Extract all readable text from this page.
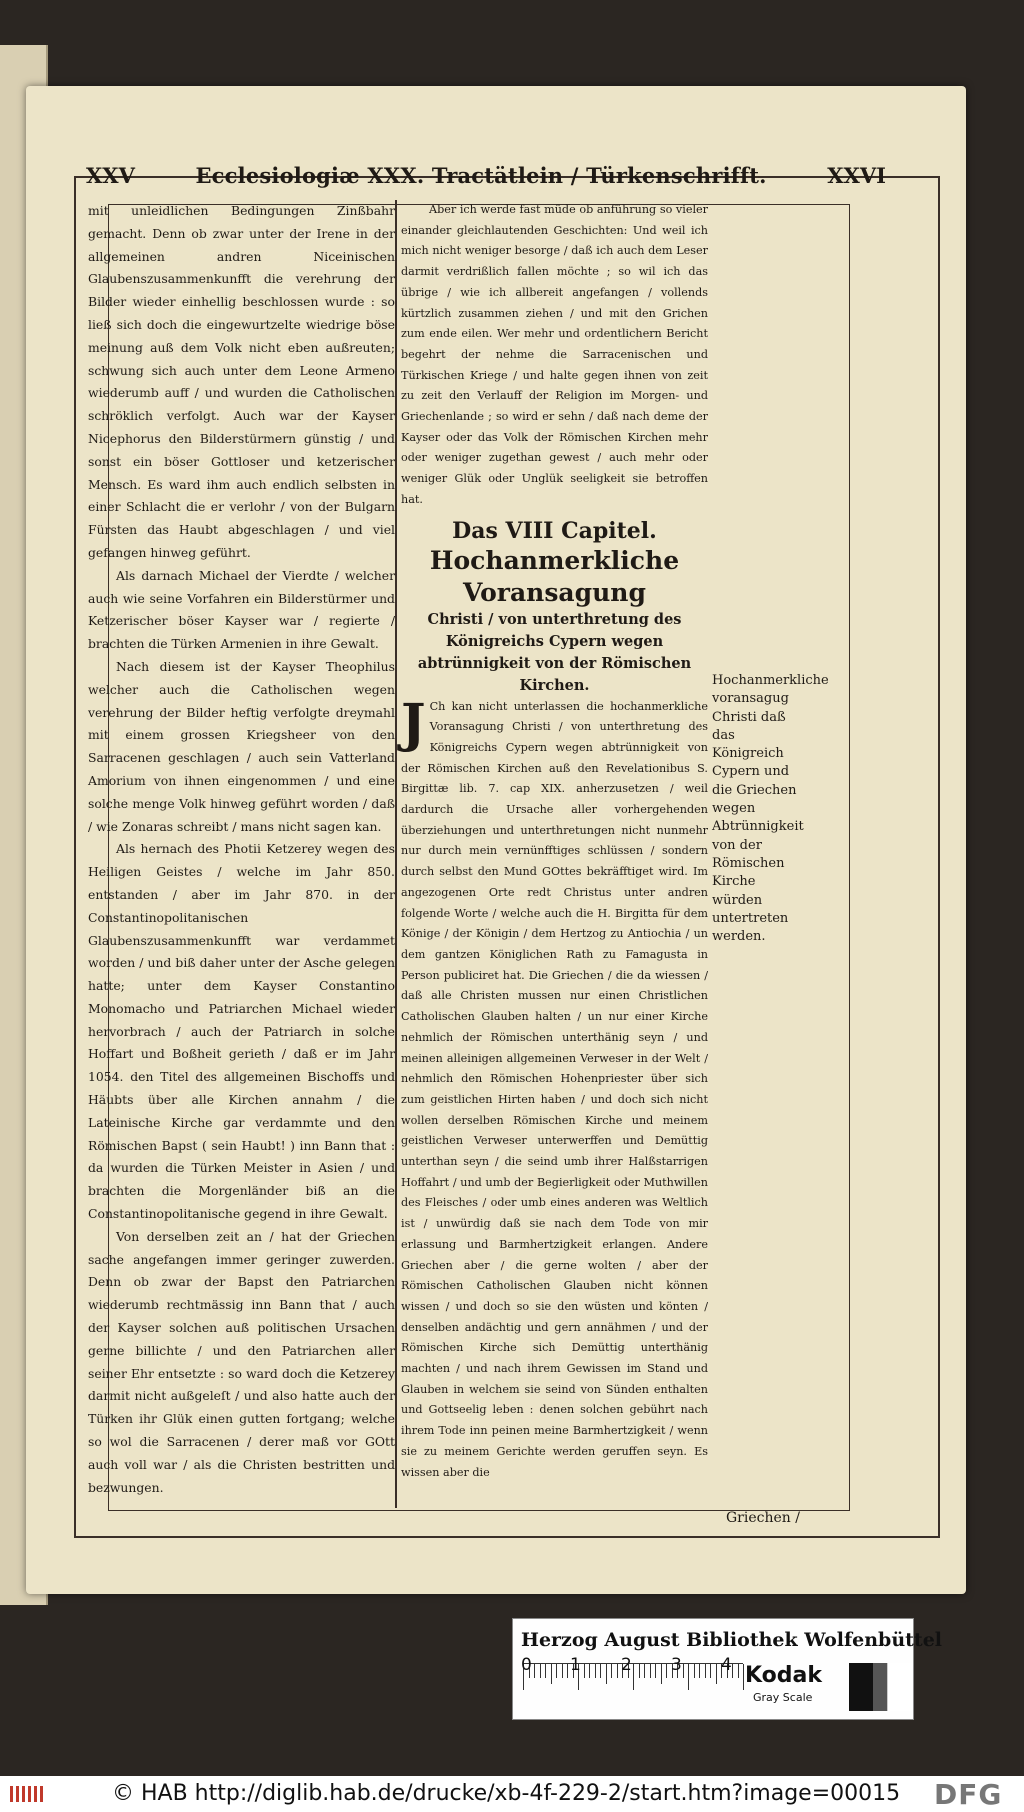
XXV	Ecclesiologiæ XXX. Tractätlein / Türkenschrifft.	XXVI

mit unleidlichen Bedingungen Zinßbahr gemacht. Denn ob zwar unter der Irene in der allgemeinen andren Niceinischen Glaubenszusammenkunfft die verehrung der Bilder wieder einhellig beschlossen wurde : so ließ sich doch die eingewurtzelte wiedrige böse meinung auß dem Volk nicht eben außreuten; schwung sich auch unter dem Leone Armeno wiederumb auff / und wurden die Catholischen schröklich verfolgt. Auch war der Kayser Nicephorus den Bilderstürmern günstig / und sonst ein böser Gottloser und ketzerischer Mensch. Es ward ihm auch endlich selbsten in einer Schlacht die er verlohr / von der Bulgarn Fürsten das Haubt abgeschlagen / und viel gefangen hinweg geführt.

Als darnach Michael der Vierdte / welcher auch wie seine Vorfahren ein Bilderstürmer und Ketzerischer böser Kayser war / regierte / brachten die Türken Armenien in ihre Gewalt.

Nach diesem ist der Kayser Theophilus welcher auch die Catholischen wegen verehrung der Bilder heftig verfolgte dreymahl mit einem grossen Kriegsheer von den Sarracenen geschlagen / auch sein Vatterland Amorium von ihnen eingenommen / und eine solche menge Volk hinweg geführt worden / daß / wie Zonaras schreibt / mans nicht sagen kan.

Als hernach des Photii Ketzerey wegen des Heiligen Geistes / welche im Jahr 850. entstanden / aber im Jahr 870. in der Constantinopolitanischen Glaubenszusammenkunfft war verdammet worden / und biß daher unter der Asche gelegen hatte; unter dem Kayser Constantino Monomacho und Patriarchen Michael wieder hervorbrach / auch der Patriarch in solche Hoffart und Boßheit gerieth / daß er im Jahr 1054. den Titel des allgemeinen Bischoffs und Häubts über alle Kirchen annahm / die Lateinische Kirche gar verdammte und den Römischen Bapst ( sein Haubt! ) inn Bann that : da wurden die Türken Meister in Asien / und brachten die Morgenländer biß an die Constantinopolitanische gegend in ihre Gewalt.

Von derselben zeit an / hat der Griechen sache angefangen immer geringer zuwerden. Denn ob zwar der Bapst den Patriarchen wiederumb rechtmässig inn Bann that / auch der Kayser solchen auß politischen Ursachen gerne billichte / und den Patriarchen aller seiner Ehr entsetzte : so ward doch die Ketzerey darmit nicht außgeleſt / und also hatte auch der Türken ihr Glük einen gutten fortgang; welche so wol die Sarracenen / derer maß vor GOtt auch voll war / als die Christen bestritten und bezwungen.

Aber ich werde fast müde ob anführung so vieler einander gleichlautenden Geschichten: Und weil ich mich nicht weniger besorge / daß ich auch dem Leser darmit verdrißlich fallen möchte ; so wil ich das übrige / wie ich allbereit angefangen / vollends kürtzlich zusammen ziehen / und mit den Grichen zum ende eilen. Wer mehr und ordentlichern Bericht begehrt der nehme die Sarracenischen und Türkischen Kriege / und halte gegen ihnen von zeit zu zeit den Verlauff der Religion im Morgen- und Griechenlande ; so wird er sehn / daß nach deme der Kayser oder das Volk der Römischen Kirchen mehr oder weniger zugethan gewest / auch mehr oder weniger Glük oder Unglük seeligkeit sie betroffen hat.

Das VIII Capitel.
Hochanmerkliche Voransagung
Christi / von unterthretung des Königreichs Cypern wegen abtrünnigkeit von der Römischen Kirchen.

J Ch kan nicht unterlassen die hochanmerkliche Voransagung Christi / von unterthretung des Königreichs Cypern wegen abtrünnigkeit von der Römischen Kirchen auß den Revelationibus S. Birgittæ lib. 7. cap XIX. anherzusetzen / weil dardurch die Ursache aller vorhergehenden überziehungen und unterthretungen nicht nunmehr nur durch mein vernünfftiges schlüssen / sondern durch selbst den Mund GOttes bekräfftiget wird. Im angezogenen Orte redt Christus unter andren folgende Worte / welche auch die H. Birgitta für dem Könige / der Königin / dem Hertzog zu Antiochia / un dem gantzen Königlichen Rath zu Famagusta in Person publiciret hat. Die Griechen / die da wiessen / daß alle Christen mussen nur einen Christlichen Catholischen Glauben halten / un nur einer Kirche nehmlich der Römischen unterthänig seyn / und meinen alleinigen allgemeinen Verweser in der Welt / nehmlich den Römischen Hohenpriester über sich zum geistlichen Hirten haben / und doch sich nicht wollen derselben Römischen Kirche und meinem geistlichen Verweser unterwerffen und Demüttig unterthan seyn / die seind umb ihrer Halßstarrigen Hoffahrt / und umb der Begierligkeit oder Muthwillen des Fleisches / oder umb eines anderen was Weltlich ist / unwürdig daß sie nach dem Tode von mir erlassung und Barmhertzigkeit erlangen. Andere Griechen aber / die gerne wolten / aber der Römischen Catholischen Glauben nicht können wissen / und doch so sie den wüsten und könten / denselben andächtig und gern annähmen / und der Römischen Kirche sich Demüttig unterthänig machten / und nach ihrem Gewissen im Stand und Glauben in welchem sie seind von Sünden enthalten und Gottseelig leben : denen solchen gebührt nach ihrem Tode inn peinen meine Barmhertzigkeit / wenn sie zu meinem Gerichte werden geruffen seyn. Es wissen aber die

Hochanmerkliche voransagug Christi daß das Königreich Cypern und die Griechen wegen Abtrünnigkeit von der Römischen Kirche würden untertreten werden.
Griechen /
Herzog August Bibliothek Wolfenbüttel
0 1 2 3 4 Kodak
Gray Scale
© HAB http://diglib.hab.de/drucke/xb-4f-229-2/start.htm?image=00015 DFG
